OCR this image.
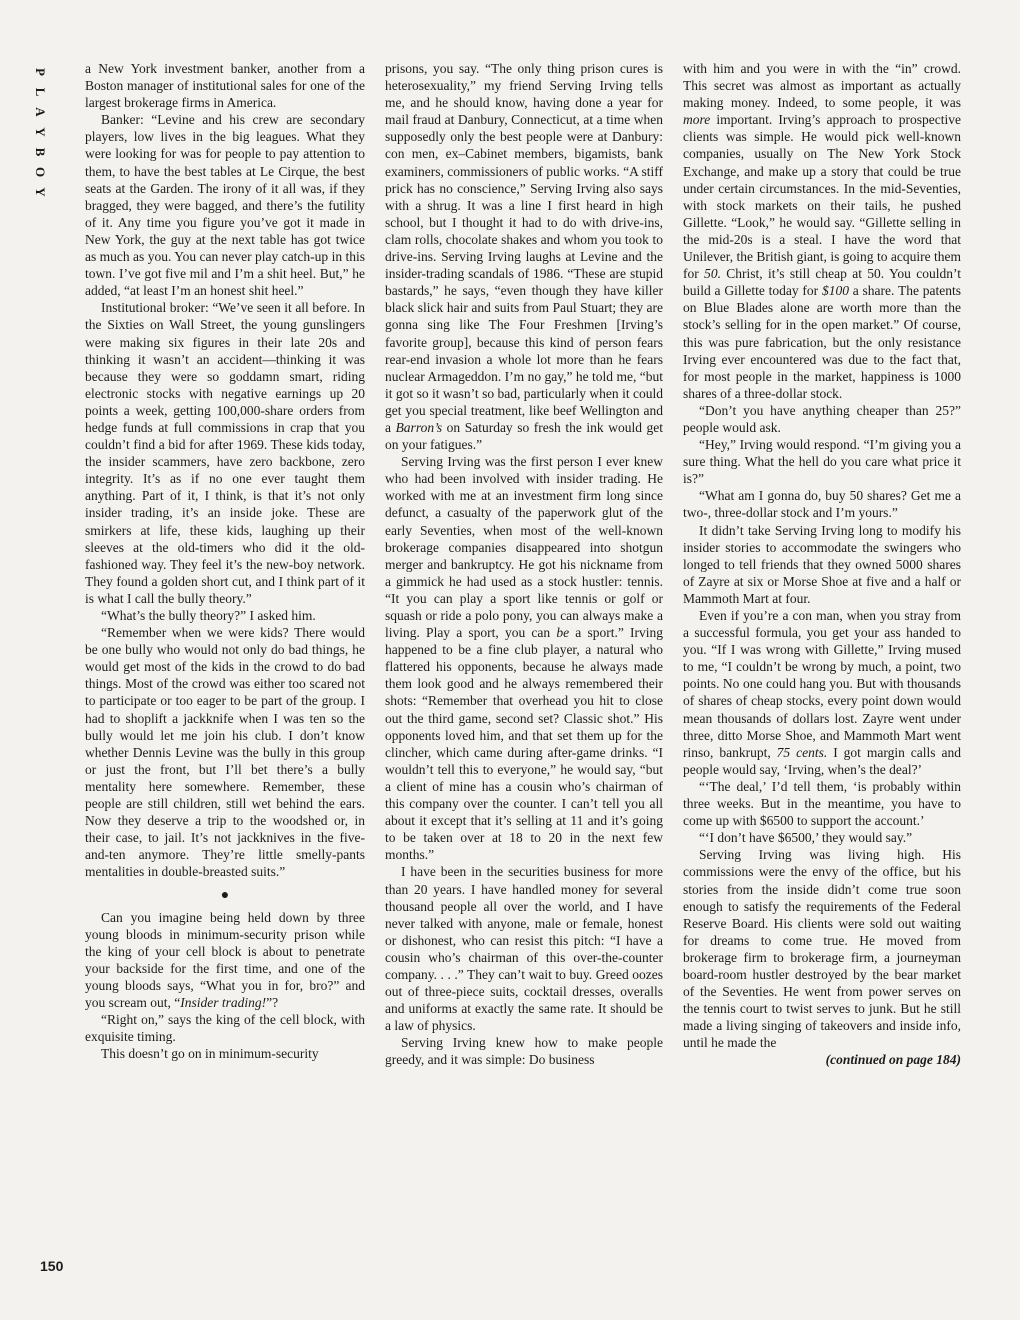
P
L
A
Y
B
O
Y

a New York investment banker, another from a Boston manager of institutional sales for one of the largest brokerage firms in America.

Banker: “Levine and his crew are secondary players, low lives in the big leagues. What they were looking for was for people to pay attention to them, to have the best tables at Le Cirque, the best seats at the Garden. The irony of it all was, if they bragged, they were bagged, and there’s the futility of it. Any time you figure you’ve got it made in New York, the guy at the next table has got twice as much as you. You can never play catch-up in this town. I’ve got five mil and I’m a shit heel. But,” he added, “at least I’m an honest shit heel.”

Institutional broker: “We’ve seen it all before. In the Sixties on Wall Street, the young gunslingers were making six figures in their late 20s and thinking it wasn’t an accident—thinking it was because they were so goddamn smart, riding electronic stocks with negative earnings up 20 points a week, getting 100,000-share orders from hedge funds at full commissions in crap that you couldn’t find a bid for after 1969. These kids today, the insider scammers, have zero backbone, zero integrity. It’s as if no one ever taught them anything. Part of it, I think, is that it’s not only insider trading, it’s an inside joke. These are smirkers at life, these kids, laughing up their sleeves at the old-timers who did it the old-fashioned way. They feel it’s the new-boy network. They found a golden short cut, and I think part of it is what I call the bully theory.”

“What’s the bully theory?” I asked him.

“Remember when we were kids? There would be one bully who would not only do bad things, he would get most of the kids in the crowd to do bad things. Most of the crowd was either too scared not to participate or too eager to be part of the group. I had to shoplift a jackknife when I was ten so the bully would let me join his club. I don’t know whether Dennis Levine was the bully in this group or just the front, but I’ll bet there’s a bully mentality here somewhere. Remember, these people are still children, still wet behind the ears. Now they deserve a trip to the woodshed or, in their case, to jail. It’s not jackknives in the five-and-ten anymore. They’re little smelly-pants mentalities in double-breasted suits.”

●

Can you imagine being held down by three young bloods in minimum-security prison while the king of your cell block is about to penetrate your backside for the first time, and one of the young bloods says, “What you in for, bro?” and you scream out, “Insider trading!”?

“Right on,” says the king of the cell block, with exquisite timing.

This doesn’t go on in minimum-security

prisons, you say. “The only thing prison cures is heterosexuality,” my friend Serving Irving tells me, and he should know, having done a year for mail fraud at Danbury, Connecticut, at a time when supposedly only the best people were at Danbury: con men, ex–Cabinet members, bigamists, bank examiners, commissioners of public works. “A stiff prick has no conscience,” Serving Irving also says with a shrug. It was a line I first heard in high school, but I thought it had to do with drive-ins, clam rolls, chocolate shakes and whom you took to drive-ins. Serving Irving laughs at Levine and the insider-trading scandals of 1986. “These are stupid bastards,” he says, “even though they have killer black slick hair and suits from Paul Stuart; they are gonna sing like The Four Freshmen [Irving’s favorite group], because this kind of person fears rear-end invasion a whole lot more than he fears nuclear Armageddon. I’m no gay,” he told me, “but it got so it wasn’t so bad, particularly when it could get you special treatment, like beef Wellington and a Barron’s on Saturday so fresh the ink would get on your fatigues.”

Serving Irving was the first person I ever knew who had been involved with insider trading. He worked with me at an investment firm long since defunct, a casualty of the paperwork glut of the early Seventies, when most of the well-known brokerage companies disappeared into shotgun merger and bankruptcy. He got his nickname from a gimmick he had used as a stock hustler: tennis. “It you can play a sport like tennis or golf or squash or ride a polo pony, you can always make a living. Play a sport, you can be a sport.” Irving happened to be a fine club player, a natural who flattered his opponents, because he always made them look good and he always remembered their shots: “Remember that overhead you hit to close out the third game, second set? Classic shot.” His opponents loved him, and that set them up for the clincher, which came during after-game drinks. “I wouldn’t tell this to everyone,” he would say, “but a client of mine has a cousin who’s chairman of this company over the counter. I can’t tell you all about it except that it’s selling at 11 and it’s going to be taken over at 18 to 20 in the next few months.”

I have been in the securities business for more than 20 years. I have handled money for several thousand people all over the world, and I have never talked with anyone, male or female, honest or dishonest, who can resist this pitch: “I have a cousin who’s chairman of this over-the-counter company. . . .” They can’t wait to buy. Greed oozes out of three-piece suits, cocktail dresses, overalls and uniforms at exactly the same rate. It should be a law of physics.

Serving Irving knew how to make people greedy, and it was simple: Do business

with him and you were in with the “in” crowd. This secret was almost as important as actually making money. Indeed, to some people, it was more important. Irving’s approach to prospective clients was simple. He would pick well-known companies, usually on The New York Stock Exchange, and make up a story that could be true under certain circumstances. In the mid-Seventies, with stock markets on their tails, he pushed Gillette. “Look,” he would say. “Gillette selling in the mid-20s is a steal. I have the word that Unilever, the British giant, is going to acquire them for 50. Christ, it’s still cheap at 50. You couldn’t build a Gillette today for $100 a share. The patents on Blue Blades alone are worth more than the stock’s selling for in the open market.” Of course, this was pure fabrication, but the only resistance Irving ever encountered was due to the fact that, for most people in the market, happiness is 1000 shares of a three-dollar stock.

“Don’t you have anything cheaper than 25?” people would ask.

“Hey,” Irving would respond. “I’m giving you a sure thing. What the hell do you care what price it is?”

“What am I gonna do, buy 50 shares? Get me a two-, three-dollar stock and I’m yours.”

It didn’t take Serving Irving long to modify his insider stories to accommodate the swingers who longed to tell friends that they owned 5000 shares of Zayre at six or Morse Shoe at five and a half or Mammoth Mart at four.

Even if you’re a con man, when you stray from a successful formula, you get your ass handed to you. “If I was wrong with Gillette,” Irving mused to me, “I couldn’t be wrong by much, a point, two points. No one could hang you. But with thousands of shares of cheap stocks, every point down would mean thousands of dollars lost. Zayre went under three, ditto Morse Shoe, and Mammoth Mart went rinso, bankrupt, 75 cents. I got margin calls and people would say, ‘Irving, when’s the deal?’

“‘The deal,’ I’d tell them, ‘is probably within three weeks. But in the meantime, you have to come up with $6500 to support the account.’

“‘I don’t have $6500,’ they would say.”

Serving Irving was living high. His commissions were the envy of the office, but his stories from the inside didn’t come true soon enough to satisfy the requirements of the Federal Reserve Board. His clients were sold out waiting for dreams to come true. He moved from brokerage firm to brokerage firm, a journeyman board-room hustler destroyed by the bear market of the Seventies. He went from power serves on the tennis court to twist serves to junk. But he still made a living singing of takeovers and inside info, until he made the

(continued on page 184)
150
